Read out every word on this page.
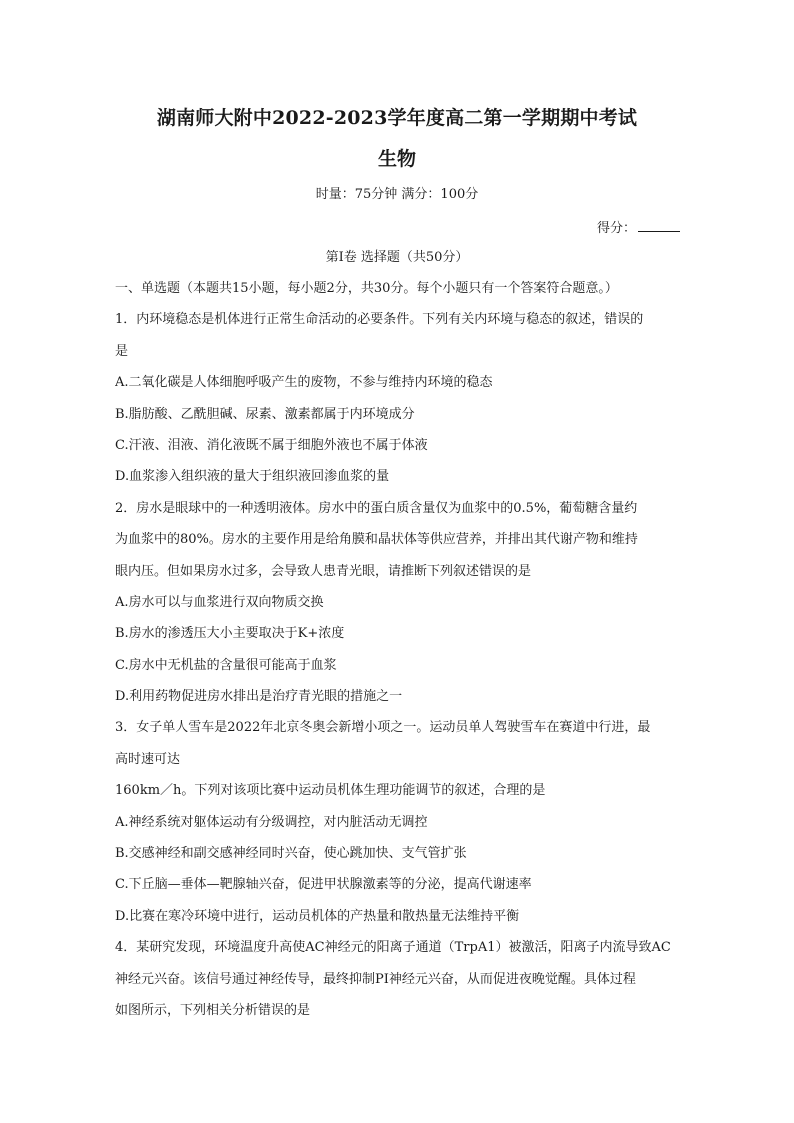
湖南师大附中2022-2023学年度高二第一学期期中考试
生物
时量：75分钟 满分：100分
得分：
第Ⅰ卷 选择题（共50分）
一、单选题（本题共15小题，每小题2分，共30分。每个小题只有一个答案符合题意。）
1．内环境稳态是机体进行正常生命活动的必要条件。下列有关内环境与稳态的叙述，错误的
是
A.二氧化碳是人体细胞呼吸产生的废物，不参与维持内环境的稳态
B.脂肪酸、乙酰胆碱、尿素、激素都属于内环境成分
C.汗液、泪液、消化液既不属于细胞外液也不属于体液
D.血浆渗入组织液的量大于组织液回渗血浆的量
2．房水是眼球中的一种透明液体。房水中的蛋白质含量仅为血浆中的0.5%，葡萄糖含量约
为血浆中的80%。房水的主要作用是给角膜和晶状体等供应营养，并排出其代谢产物和维持
眼内压。但如果房水过多，会导致人患青光眼，请推断下列叙述错误的是
A.房水可以与血浆进行双向物质交换
B.房水的渗透压大小主要取决于K+浓度
C.房水中无机盐的含量很可能高于血浆
D.利用药物促进房水排出是治疗青光眼的措施之一
3．女子单人雪车是2022年北京冬奥会新增小项之一。运动员单人驾驶雪车在赛道中行进，最
高时速可达
160km／h。下列对该项比赛中运动员机体生理功能调节的叙述，合理的是
A.神经系统对躯体运动有分级调控，对内脏活动无调控
B.交感神经和副交感神经同时兴奋，使心跳加快、支气管扩张
C.下丘脑—垂体—靶腺轴兴奋，促进甲状腺激素等的分泌，提高代谢速率
D.比赛在寒冷环境中进行，运动员机体的产热量和散热量无法维持平衡
4．某研究发现，环境温度升高使AC神经元的阳离子通道（TrpA1）被激活，阳离子内流导致AC
神经元兴奋。该信号通过神经传导，最终抑制PI神经元兴奋，从而促进夜晚觉醒。具体过程
如图所示，下列相关分析错误的是
